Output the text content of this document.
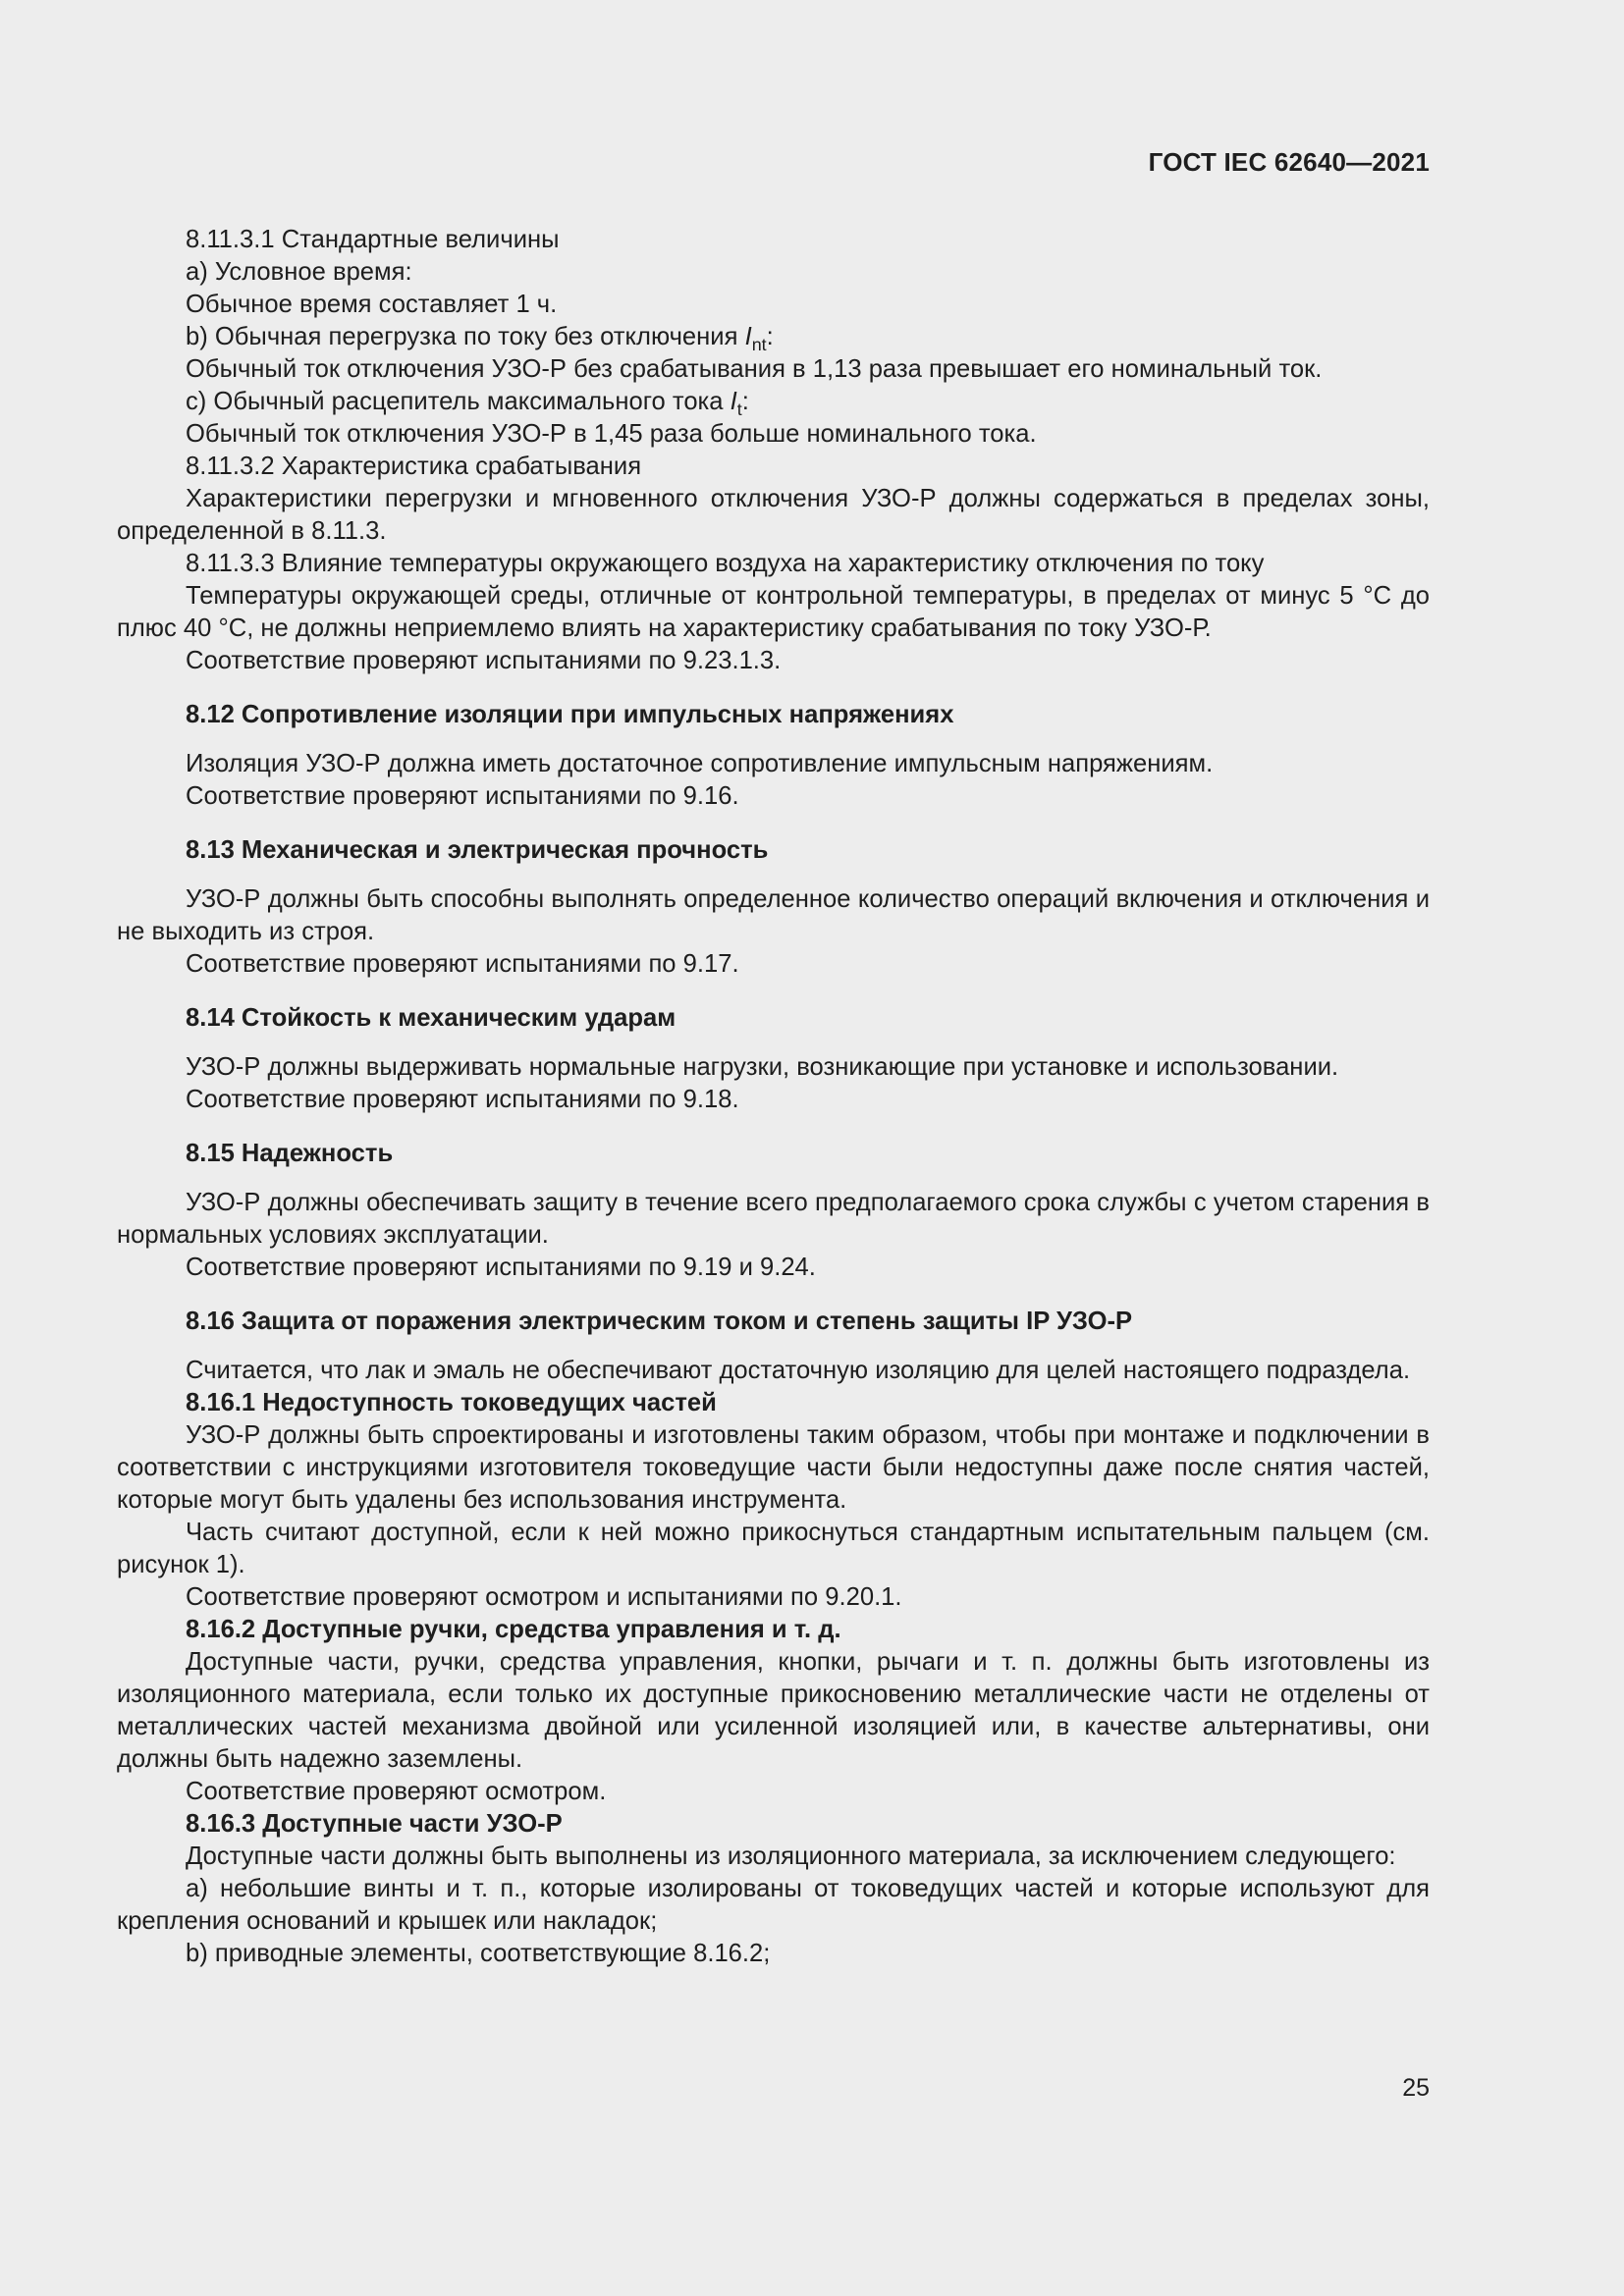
ГОСТ IEC 62640—2021

8.11.3.1 Стандартные величины

а) Условное время:

Обычное время составляет 1 ч.

b) Обычная перегрузка по току без отключения $I_{nt}$:

Обычный ток отключения УЗО-Р без срабатывания в 1,13 раза превышает его номинальный ток.

с) Обычный расцепитель максимального тока $I_t$:

Обычный ток отключения УЗО-Р в 1,45 раза больше номинального тока.

8.11.3.2 Характеристика срабатывания

Характеристики перегрузки и мгновенного отключения УЗО-Р должны содержаться в пределах зоны, определенной в 8.11.3.

8.11.3.3 Влияние температуры окружающего воздуха на характеристику отключения по току

Температуры окружающей среды, отличные от контрольной температуры, в пределах от минус 5 °С до плюс 40 °С, не должны неприемлемо влиять на характеристику срабатывания по току УЗО-Р.

Соответствие проверяют испытаниями по 9.23.1.3.

8.12 Сопротивление изоляции при импульсных напряжениях

Изоляция УЗО-Р должна иметь достаточное сопротивление импульсным напряжениям.

Соответствие проверяют испытаниями по 9.16.

8.13 Механическая и электрическая прочность

УЗО-Р должны быть способны выполнять определенное количество операций включения и отключения и не выходить из строя.

Соответствие проверяют испытаниями по 9.17.

8.14 Стойкость к механическим ударам

УЗО-Р должны выдерживать нормальные нагрузки, возникающие при установке и использовании.

Соответствие проверяют испытаниями по 9.18.

8.15 Надежность

УЗО-Р должны обеспечивать защиту в течение всего предполагаемого срока службы с учетом старения в нормальных условиях эксплуатации.

Соответствие проверяют испытаниями по 9.19 и 9.24.

8.16 Защита от поражения электрическим током и степень защиты IP УЗО-Р

Считается, что лак и эмаль не обеспечивают достаточную изоляцию для целей настоящего подраздела.

8.16.1 Недоступность токоведущих частей

УЗО-Р должны быть спроектированы и изготовлены таким образом, чтобы при монтаже и подключении в соответствии с инструкциями изготовителя токоведущие части были недоступны даже после снятия частей, которые могут быть удалены без использования инструмента.

Часть считают доступной, если к ней можно прикоснуться стандартным испытательным пальцем (см. рисунок 1).

Соответствие проверяют осмотром и испытаниями по 9.20.1.

8.16.2 Доступные ручки, средства управления и т. д.

Доступные части, ручки, средства управления, кнопки, рычаги и т. п. должны быть изготовлены из изоляционного материала, если только их доступные прикосновению металлические части не отделены от металлических частей механизма двойной или усиленной изоляцией или, в качестве альтернативы, они должны быть надежно заземлены.

Соответствие проверяют осмотром.

8.16.3 Доступные части УЗО-Р

Доступные части должны быть выполнены из изоляционного материала, за исключением следующего:

а) небольшие винты и т. п., которые изолированы от токоведущих частей и которые используют для крепления оснований и крышек или накладок;

b) приводные элементы, соответствующие 8.16.2;

25
